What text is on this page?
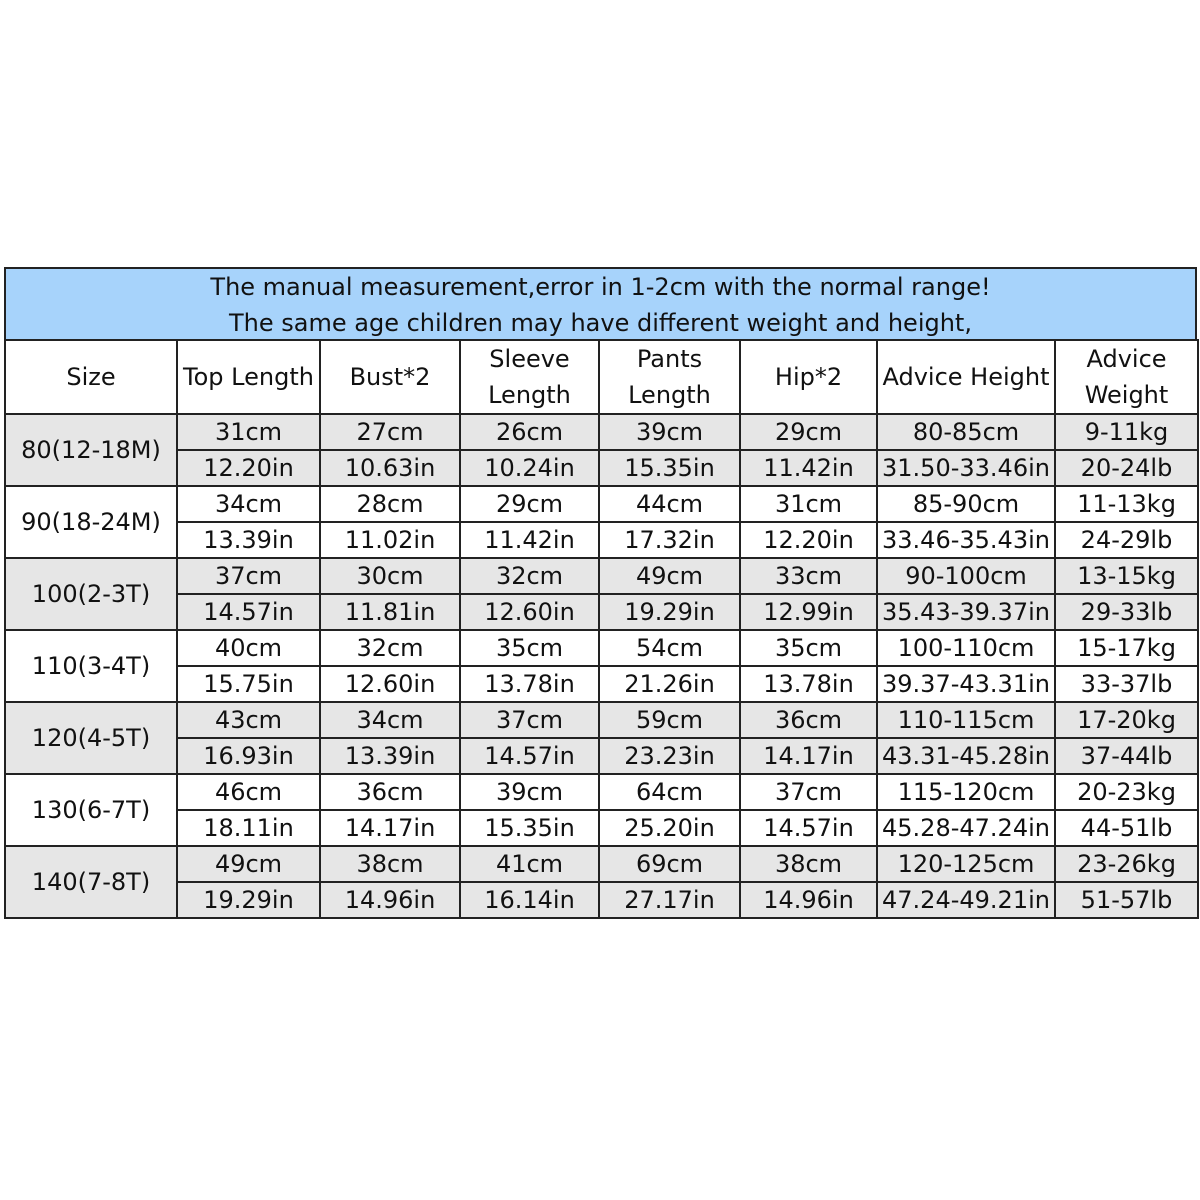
The manual measurement,error in 1-2cm with the normal range!
The same age children may have different weight and height,
Size	Top Length	Bust*2	Sleeve Length	Pants Length	Hip*2	Advice Height	Advice Weight
80(12-18M)	31cm	27cm	26cm	39cm	29cm	80-85cm	9-11kg
	12.20in	10.63in	10.24in	15.35in	11.42in	31.50-33.46in	20-24lb
90(18-24M)	34cm	28cm	29cm	44cm	31cm	85-90cm	11-13kg
	13.39in	11.02in	11.42in	17.32in	12.20in	33.46-35.43in	24-29lb
100(2-3T)	37cm	30cm	32cm	49cm	33cm	90-100cm	13-15kg
	14.57in	11.81in	12.60in	19.29in	12.99in	35.43-39.37in	29-33lb
110(3-4T)	40cm	32cm	35cm	54cm	35cm	100-110cm	15-17kg
	15.75in	12.60in	13.78in	21.26in	13.78in	39.37-43.31in	33-37lb
120(4-5T)	43cm	34cm	37cm	59cm	36cm	110-115cm	17-20kg
	16.93in	13.39in	14.57in	23.23in	14.17in	43.31-45.28in	37-44lb
130(6-7T)	46cm	36cm	39cm	64cm	37cm	115-120cm	20-23kg
	18.11in	14.17in	15.35in	25.20in	14.57in	45.28-47.24in	44-51lb
140(7-8T)	49cm	38cm	41cm	69cm	38cm	120-125cm	23-26kg
	19.29in	14.96in	16.14in	27.17in	14.96in	47.24-49.21in	51-57lb
